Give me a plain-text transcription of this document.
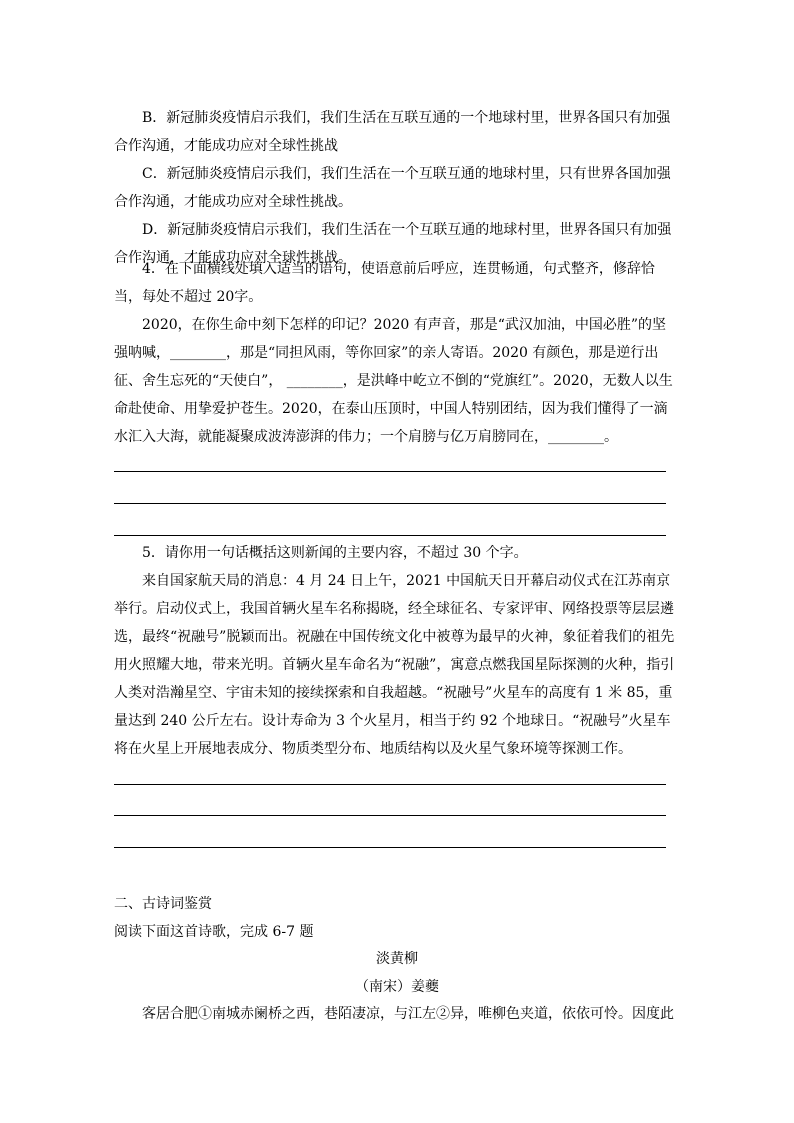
B．新冠肺炎疫情启示我们，我们生活在互联互通的一个地球村里，世界各国只有加强合作沟通，才能成功应对全球性挑战

C．新冠肺炎疫情启示我们，我们生活在一个互联互通的地球村里，只有世界各国加强合作沟通，才能成功应对全球性挑战。

D．新冠肺炎疫情启示我们，我们生活在一个互联互通的地球村里，世界各国只有加强合作沟通，才能成功应对全球性挑战。

4．在下面横线处填入适当的语句，使语意前后呼应，连贯畅通，句式整齐，修辞恰当，每处不超过 20字。

2020，在你生命中刻下怎样的印记？2020 有声音，那是“武汉加油，中国必胜”的坚强呐喊，________，那是“同担风雨，等你回家”的亲人寄语。2020 有颜色，那是逆行出征、舍生忘死的“天使白”， ________，是洪峰中屹立不倒的“党旗红”。2020，无数人以生命赴使命、用挚爱护苍生。2020，在泰山压顶时，中国人特别团结，因为我们懂得了一滴水汇入大海，就能凝聚成波涛澎湃的伟力；一个肩膀与亿万肩膀同在，________。

5．请你用一句话概括这则新闻的主要内容，不超过 30 个字。

来自国家航天局的消息：4 月 24 日上午，2021 中国航天日开幕启动仪式在江苏南京举行。启动仪式上，我国首辆火星车名称揭晓，经全球征名、专家评审、网络投票等层层遴选，最终“祝融号”脱颖而出。祝融在中国传统文化中被尊为最早的火神，象征着我们的祖先用火照耀大地，带来光明。首辆火星车命名为“祝融”，寓意点燃我国星际探测的火种，指引人类对浩瀚星空、宇宙未知的接续探索和自我超越。“祝融号”火星车的高度有 1 米 85，重量达到 240 公斤左右。设计寿命为 3 个火星月，相当于约 92 个地球日。“祝融号”火星车将在火星上开展地表成分、物质类型分布、地质结构以及火星气象环境等探测工作。

二、古诗词鉴赏

阅读下面这首诗歌，完成 6-7 题

淡黄柳

（南宋）姜夔

客居合肥①南城赤阑桥之西，巷陌凄凉，与江左②异，唯柳色夹道，依依可怜。因度此
